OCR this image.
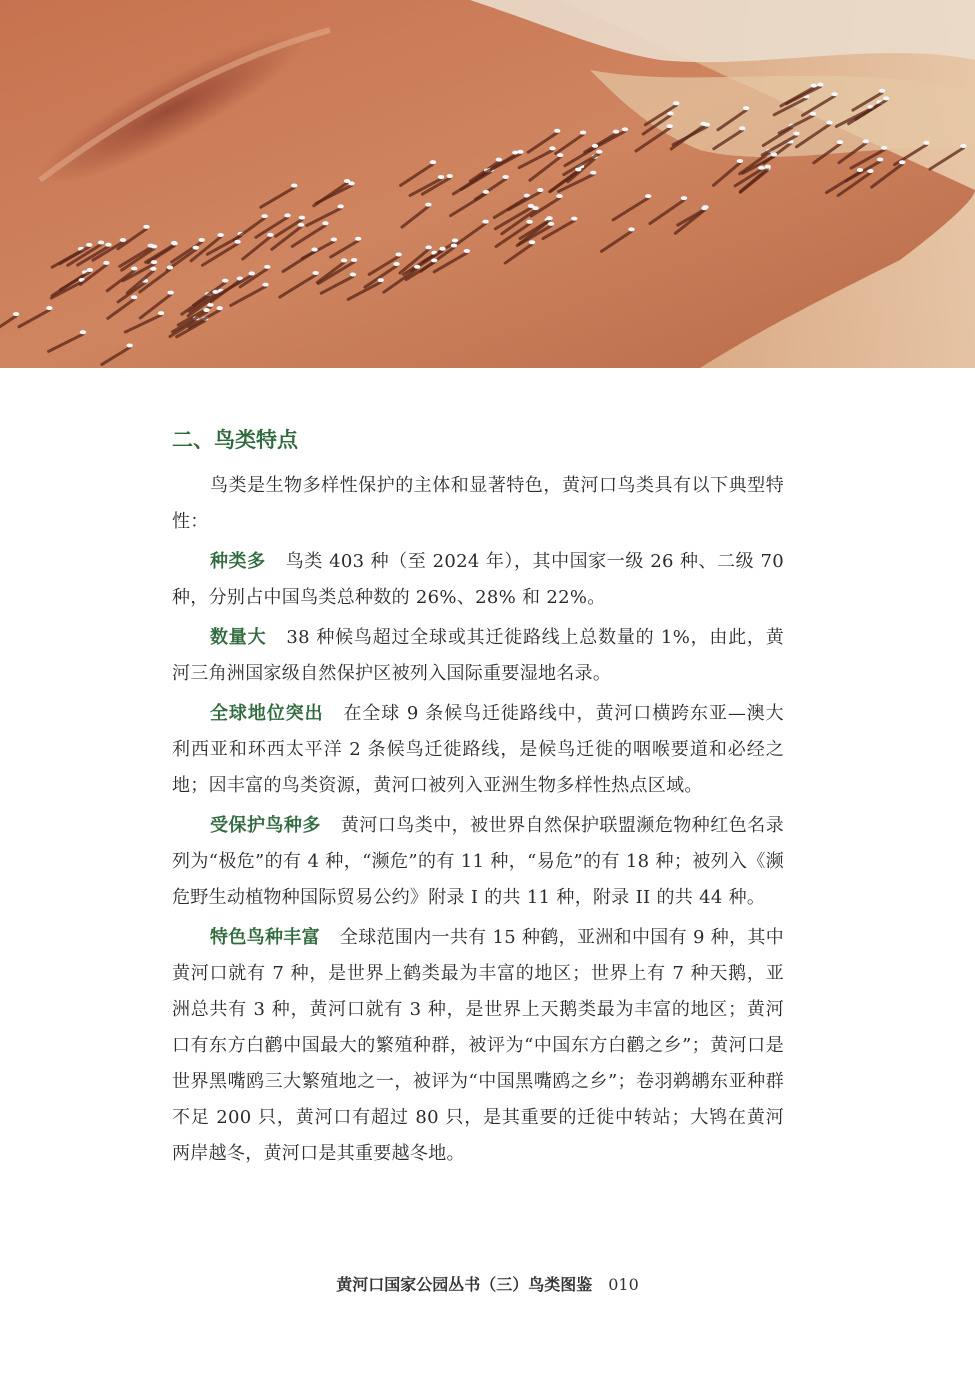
二、鸟类特点

鸟类是生物多样性保护的主体和显著特色，黄河口鸟类具有以下典型特性：

种类多 鸟类 403 种（至 2024 年），其中国家一级 26 种、二级 70 种，分别占中国鸟类总种数的 26%、28% 和 22%。

数量大 38 种候鸟超过全球或其迁徙路线上总数量的 1%，由此，黄河三角洲国家级自然保护区被列入国际重要湿地名录。

全球地位突出 在全球 9 条候鸟迁徙路线中，黄河口横跨东亚—澳大利西亚和环西太平洋 2 条候鸟迁徙路线，是候鸟迁徙的咽喉要道和必经之地；因丰富的鸟类资源，黄河口被列入亚洲生物多样性热点区域。

受保护鸟种多 黄河口鸟类中，被世界自然保护联盟濒危物种红色名录列为“极危”的有 4 种，“濒危”的有 11 种，“易危”的有 18 种；被列入《濒危野生动植物种国际贸易公约》附录 I 的共 11 种，附录 II 的共 44 种。

特色鸟种丰富 全球范围内一共有 15 种鹤，亚洲和中国有 9 种，其中黄河口就有 7 种，是世界上鹤类最为丰富的地区；世界上有 7 种天鹅，亚洲总共有 3 种，黄河口就有 3 种，是世界上天鹅类最为丰富的地区；黄河口有东方白鹳中国最大的繁殖种群，被评为“中国东方白鹳之乡”；黄河口是世界黑嘴鸥三大繁殖地之一，被评为“中国黑嘴鸥之乡”；卷羽鹈鹕东亚种群不足 200 只，黄河口有超过 80 只，是其重要的迁徙中转站；大鸨在黄河两岸越冬，黄河口是其重要越冬地。

黄河口国家公园丛书（三）鸟类图鉴 010
